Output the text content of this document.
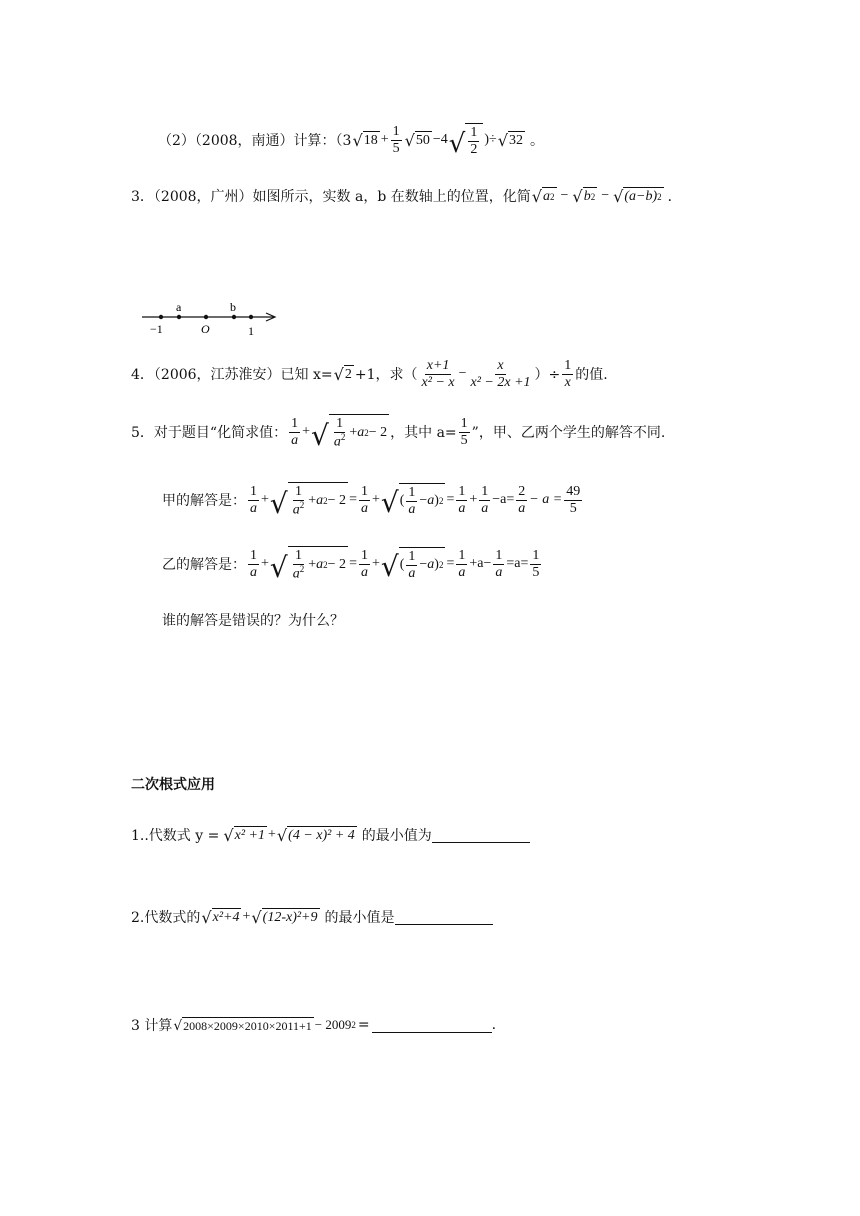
（2）（2008，南通）计算：（3 √ $18 + \frac{1}{5}$ √ 50 −4 √ $\frac{1}{2}$ )÷ √ 32 。
3．（2008，广州）如图所示，实数 a，b 在数轴上的位置，化简 √ a 2 − √ b 2 − √ (a−b) 2 ．
a	b
−1	O	1
4．（2006，江苏淮安）已知 x= √ 2 +1，求（ $\frac{x+1}{\text{x² − x}} - \frac{x}{\text{x² − 2x +1}}$ ）÷ $\frac{1}{x}$ 的值.
5．对于题目“化简求值： $\frac{1}{a}$ + √ $\frac{1}{a^2} + a$ 2 − 2 ，其中 $a= \frac{1}{5}$ ”，甲、乙两个学生的解答不同.
甲的解答是： $\frac{1}{a}$ + √ $\frac{1}{a^2} + a$ $2 - 2 = \frac{1}{a}$ + √ ( $\frac{1}{a} - a$ ) $2 = \frac{1}{a} + \frac{1}{a} -a= \frac{2}{a} - a = \frac{49}{5}$
乙的解答是： $\frac{1}{a}$ + √ $\frac{1}{a^2} + a$ $2 - 2 = \frac{1}{a}$ + √ ( $\frac{1}{a} - a$ ) $2 = \frac{1}{a} +a- \frac{1}{a} =a= \frac{1}{5}$
谁的解答是错误的？为什么？
二次根式应用
1..代数式 y = √ x² +1 + √ (4 − x)² + 4 的最小值为
2.代数式的 √ x²+4 + √ (12-x)²+9 的最小值是
3 计算 √ 2008×2009×2010×2011+1 − 2009 2 =	.
